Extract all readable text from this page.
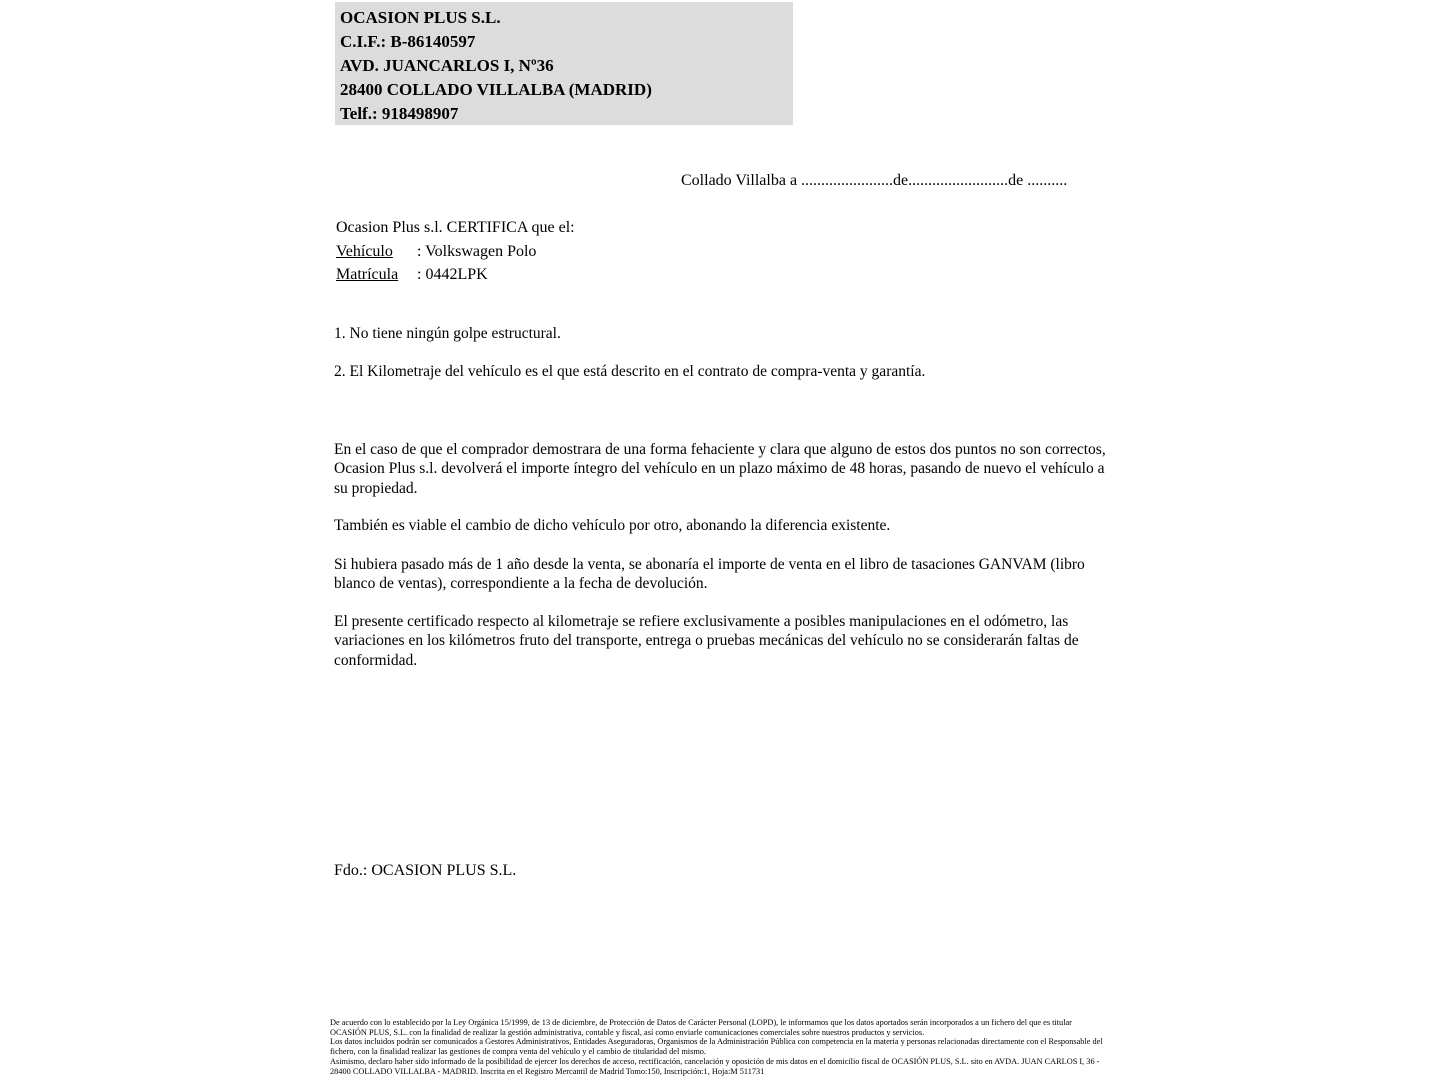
OCASION PLUS S.L.
C.I.F.: B-86140597
AVD. JUANCARLOS I, Nº36
28400 COLLADO VILLALBA (MADRID)
Telf.: 918498907
Collado Villalba a .......................de.........................de ..........
Ocasion Plus s.l. CERTIFICA que el:
Vehículo	: Volkswagen Polo
Matrícula	: 0442LPK
1. No tiene ningún golpe estructural.
2. El Kilometraje del vehículo es el que está descrito en el contrato de compra-venta y garantía.
En el caso de que el comprador demostrara de una forma fehaciente y clara que alguno de estos dos puntos no son correctos, Ocasion Plus s.l. devolverá el importe íntegro del vehículo en un plazo máximo de 48 horas, pasando de nuevo el vehículo a su propiedad.
También es viable el cambio de dicho vehículo por otro, abonando la diferencia existente.
Si hubiera pasado más de 1 año desde la venta, se abonaría el importe de venta en el libro de tasaciones GANVAM (libro blanco de ventas), correspondiente a la fecha de devolución.
El presente certificado respecto al kilometraje se refiere exclusivamente a posibles manipulaciones en el odómetro, las variaciones en los kilómetros fruto del transporte, entrega o pruebas mecánicas del vehículo no se considerarán faltas de conformidad.
Fdo.: OCASION PLUS S.L.

De acuerdo con lo establecido por la Ley Orgánica 15/1999, de 13 de diciembre, de Protección de Datos de Carácter Personal (LOPD), le informamos que los datos aportados serán incorporados a un fichero del que es titular OCASIÓN PLUS, S.L. con la finalidad de realizar la gestión administrativa, contable y fiscal, así como enviarle comunicaciones comerciales sobre nuestros productos y servicios.

Los datos incluidos podrán ser comunicados a Gestores Administrativos, Entidades Aseguradoras, Organismos de la Administración Pública con competencia en la materia y personas relacionadas directamente con el Responsable del fichero, con la finalidad realizar las gestiones de compra venta del vehículo y el cambio de titularidad del mismo.

Asimismo, declaro haber sido informado de la posibilidad de ejercer los derechos de acceso, rectificación, cancelación y oposición de mis datos en el domicilio fiscal de OCASIÓN PLUS, S.L. sito en AVDA. JUAN CARLOS I, 36 - 28400 COLLADO VILLALBA - MADRID. Inscrita en el Registro Mercantil de Madrid Tomo:150, Inscripción:1, Hoja:M 511731
